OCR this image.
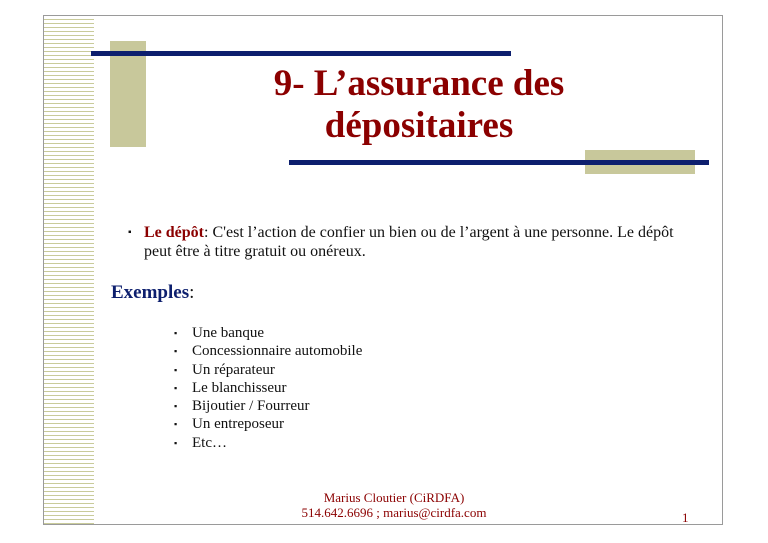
9- L’assurance des
dépositaires
▪ Le dépôt: C'est l’action de confier un bien ou de l’argent à une personne. Le dépôt peut être à titre gratuit ou onéreux.
Exemples:
▪ Une banque
▪ Concessionnaire automobile
▪ Un réparateur
▪ Le blanchisseur
▪ Bijoutier / Fourreur
▪ Un entreposeur
▪ Etc…
Marius Cloutier (CiRDFA)
514.642.6696 ; marius@cirdfa.com	1
